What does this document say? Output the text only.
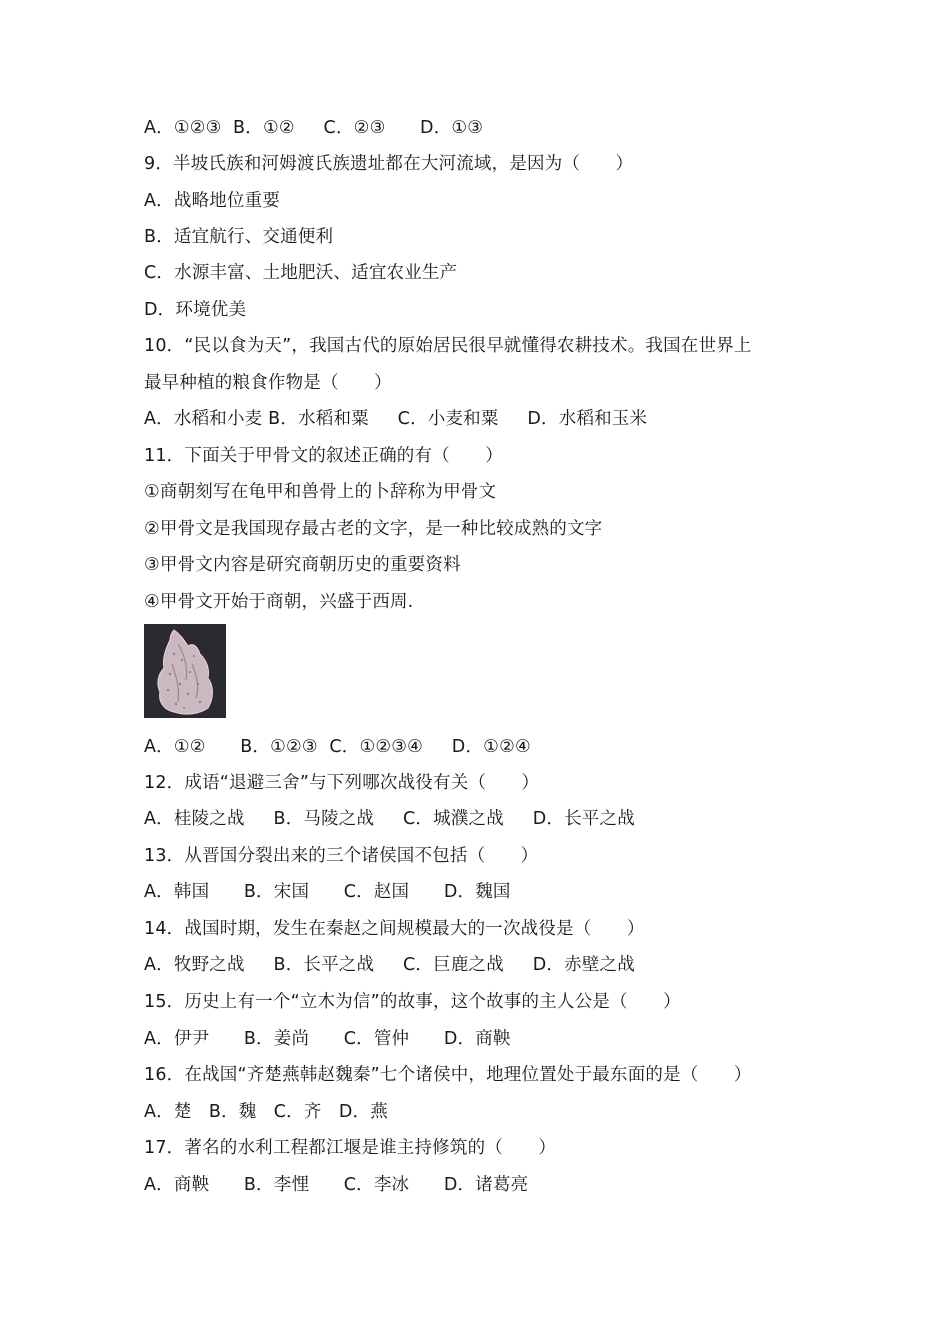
A．①②③  B．①②     C．②③      D．①③
9．半坡氏族和河姆渡氏族遗址都在大河流域，是因为（　　）
A．战略地位重要
B．适宜航行、交通便利
C．水源丰富、土地肥沃、适宜农业生产
D．环境优美
10．“民以食为天”，我国古代的原始居民很早就懂得农耕技术。我国在世界上
最早种植的粮食作物是（　　）
A．水稻和小麦 B．水稻和粟     C．小麦和粟     D．水稻和玉米
11．下面关于甲骨文的叙述正确的有（　　）
①商朝刻写在龟甲和兽骨上的卜辞称为甲骨文
②甲骨文是我国现存最古老的文字，是一种比较成熟的文字
③甲骨文内容是研究商朝历史的重要资料
④甲骨文开始于商朝，兴盛于西周.
A．①②      B．①②③  C．①②③④     D．①②④
12．成语“退避三舍”与下列哪次战役有关（　　）
A．桂陵之战     B．马陵之战     C．城濮之战     D．长平之战
13．从晋国分裂出来的三个诸侯国不包括（　　）
A．韩国      B．宋国      C．赵国      D．魏国
14．战国时期，发生在秦赵之间规模最大的一次战役是（　　）
A．牧野之战     B．长平之战     C．巨鹿之战     D．赤壁之战
15．历史上有一个“立木为信”的故事，这个故事的主人公是（　　）
A．伊尹      B．姜尚      C．管仲      D．商鞅
16．在战国“齐楚燕韩赵魏秦”七个诸侯中，地理位置处于最东面的是（　　）
A．楚   B．魏   C．齐   D．燕
17．著名的水利工程都江堰是谁主持修筑的（　　）
A．商鞅      B．李悝      C．李冰      D．诸葛亮
